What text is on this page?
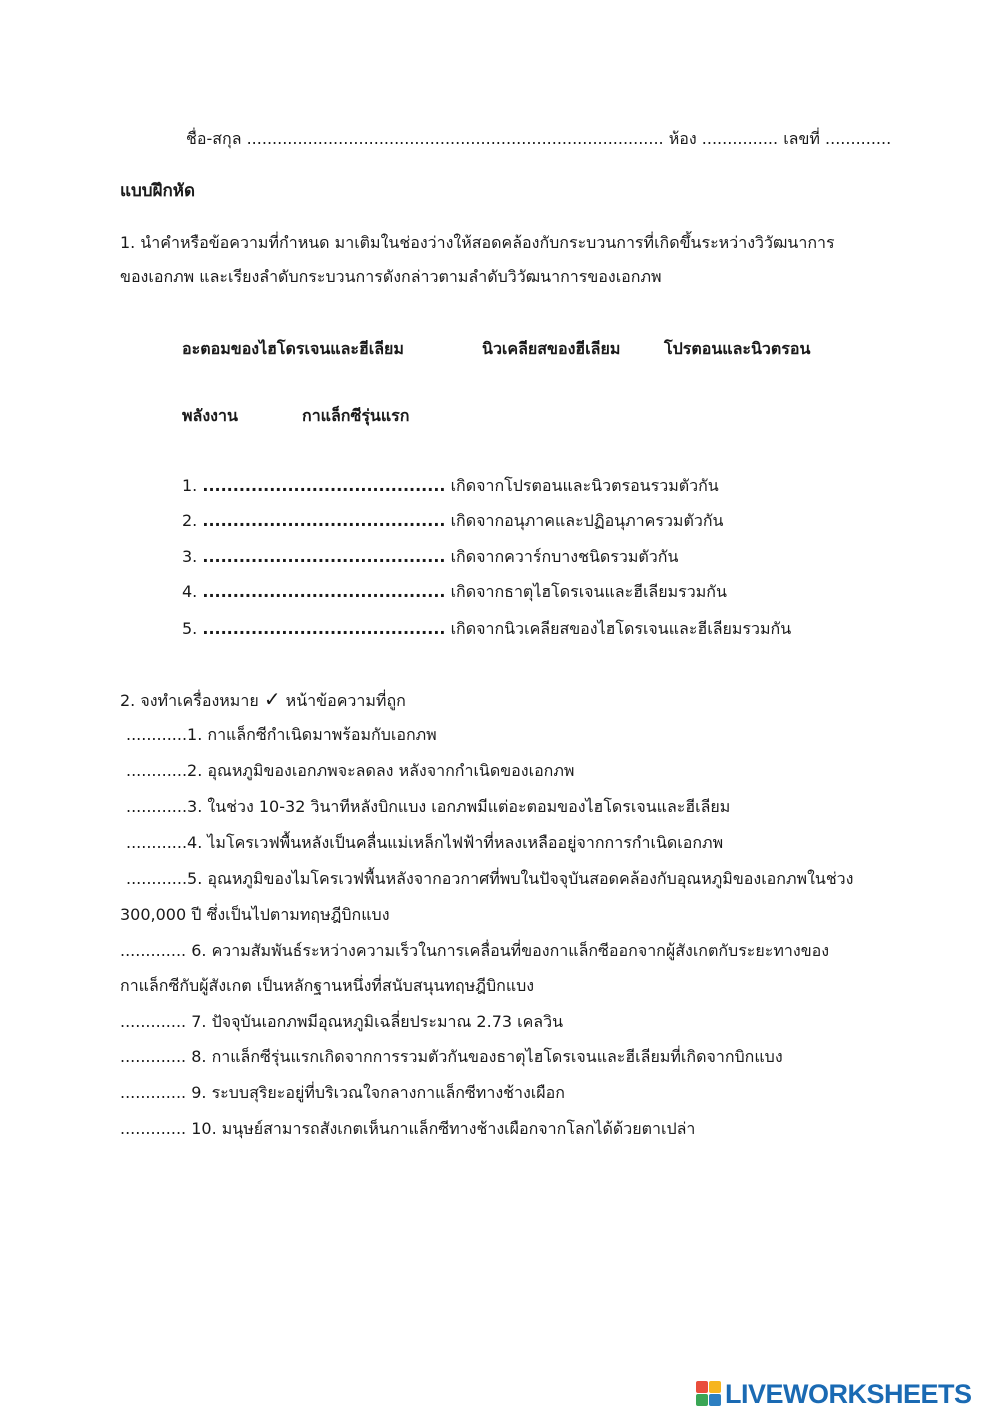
ชื่อ-สกุล .................................................................................. ห้อง ............... เลขที่ .............
แบบฝึกหัด
1. นำคำหรือข้อความที่กำหนด มาเติมในช่องว่างให้สอดคล้องกับกระบวนการที่เกิดขึ้นระหว่างวิวัฒนาการ
ของเอกภพ และเรียงลำดับกระบวนการดังกล่าวตามลำดับวิวัฒนาการของเอกภพ
อะตอมของไฮโดรเจนและฮีเลียม	นิวเคลียสของฮีเลียม	โปรตอนและนิวตรอน
พลังงาน	กาแล็กซีรุ่นแรก
1. ........................................ เกิดจากโปรตอนและนิวตรอนรวมตัวกัน
2. ........................................ เกิดจากอนุภาคและปฏิอนุภาครวมตัวกัน
3. ........................................ เกิดจากควาร์กบางชนิดรวมตัวกัน
4. ........................................ เกิดจากธาตุไฮโดรเจนและฮีเลียมรวมกัน
5. ........................................ เกิดจากนิวเคลียสของไฮโดรเจนและฮีเลียมรวมกัน
2. จงทำเครื่องหมาย ✓ หน้าข้อความที่ถูก
............1. กาแล็กซีกำเนิดมาพร้อมกับเอกภพ
............2. อุณหภูมิของเอกภพจะลดลง หลังจากกำเนิดของเอกภพ
............3. ในช่วง 10-32 วินาทีหลังบิกแบง เอกภพมีแต่อะตอมของไฮโดรเจนและฮีเลียม
............4. ไมโครเวฟพื้นหลังเป็นคลื่นแม่เหล็กไฟฟ้าที่หลงเหลืออยู่จากการกำเนิดเอกภพ
............5. อุณหภูมิของไมโครเวฟพื้นหลังจากอวกาศที่พบในปัจจุบันสอดคล้องกับอุณหภูมิของเอกภพในช่วง
300,000 ปี ซึ่งเป็นไปตามทฤษฎีบิกแบง
............. 6. ความสัมพันธ์ระหว่างความเร็วในการเคลื่อนที่ของกาแล็กซีออกจากผู้สังเกตกับระยะทางของ
กาแล็กซีกับผู้สังเกต เป็นหลักฐานหนึ่งที่สนับสนุนทฤษฎีบิกแบง
............. 7. ปัจจุบันเอกภพมีอุณหภูมิเฉลี่ยประมาณ 2.73 เคลวิน
............. 8. กาแล็กซีรุ่นแรกเกิดจากการรวมตัวกันของธาตุไฮโดรเจนและฮีเลียมที่เกิดจากบิกแบง
............. 9. ระบบสุริยะอยู่ที่บริเวณใจกลางกาแล็กซีทางช้างเผือก
............. 10. มนุษย์สามารถสังเกตเห็นกาแล็กซีทางช้างเผือกจากโลกได้ด้วยตาเปล่า
LIVEWORKSHEETS
